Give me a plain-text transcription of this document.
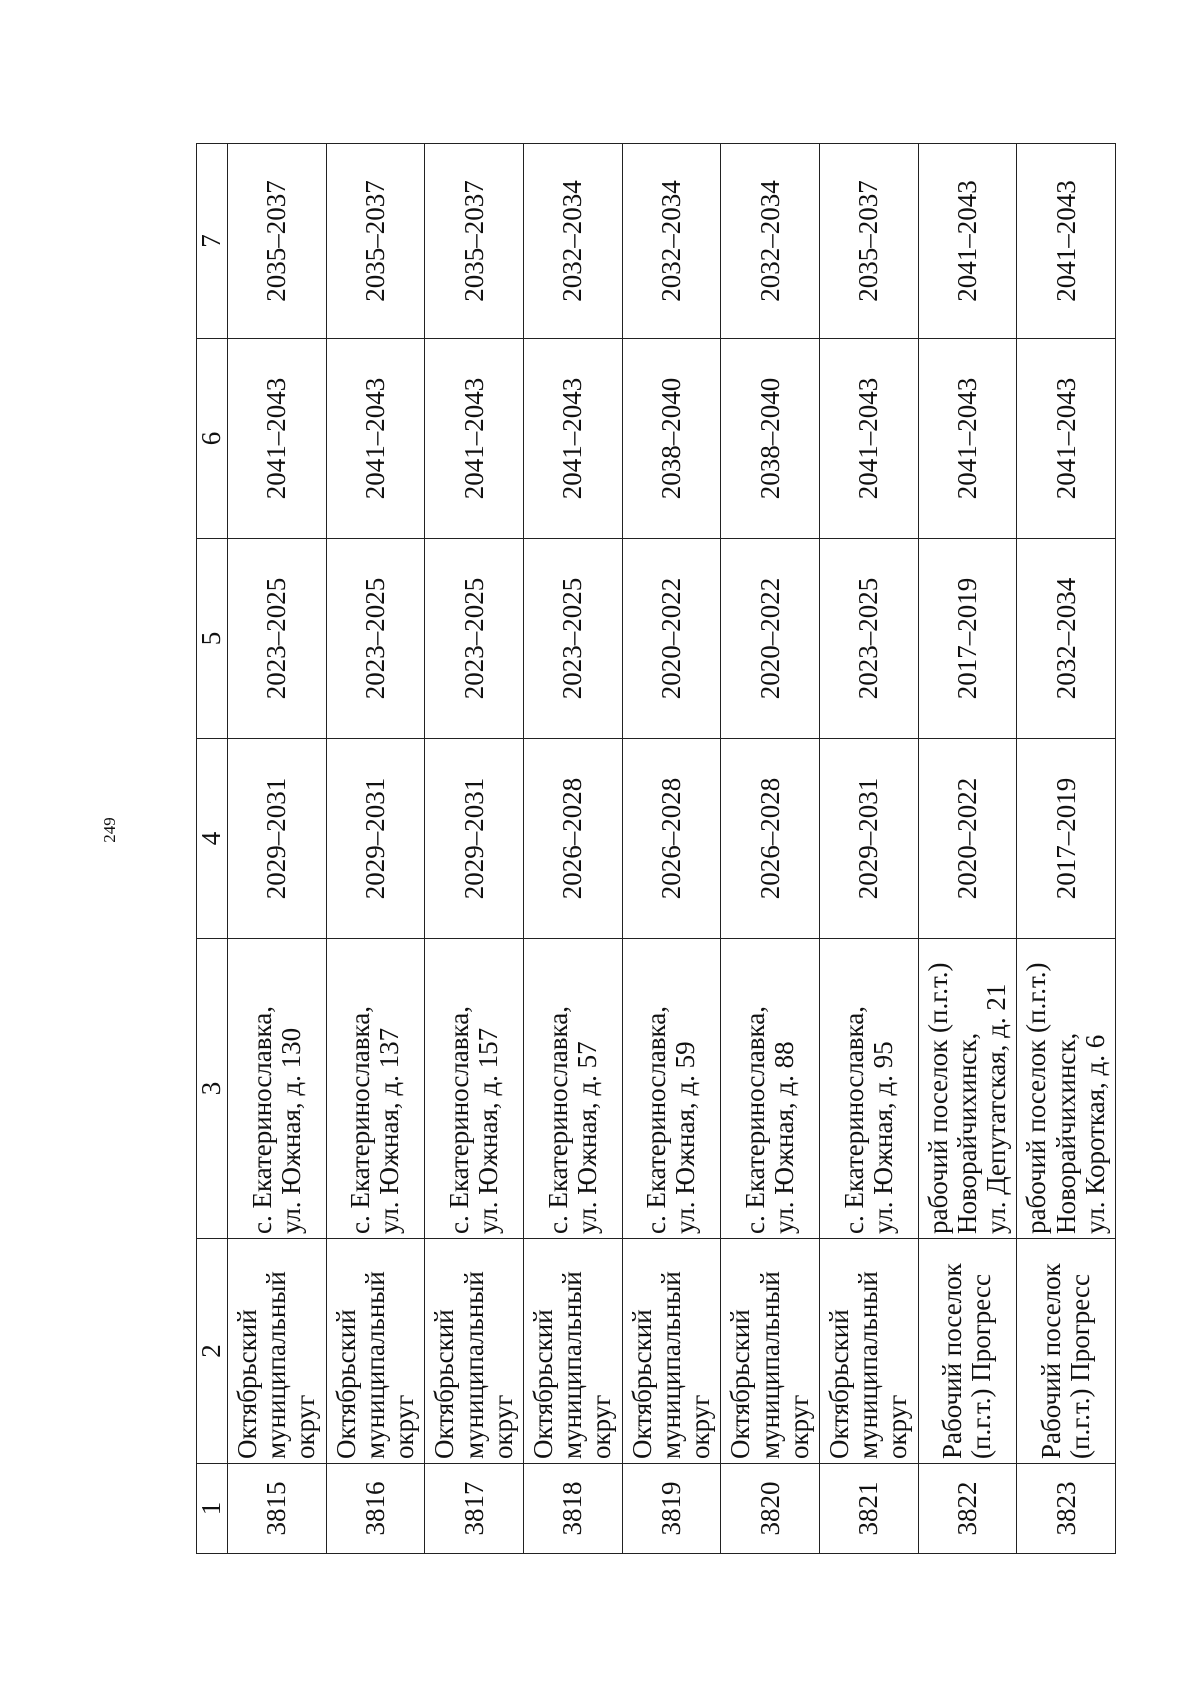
249
1	2	3	4	5	6	7
3815	Октябрьский муниципальный округ	с. Екатеринославка, ул. Южная, д. 130	2029–2031	2023–2025	2041–2043	2035–2037
3816	Октябрьский муниципальный округ	с. Екатеринославка, ул. Южная, д. 137	2029–2031	2023–2025	2041–2043	2035–2037
3817	Октябрьский муниципальный округ	с. Екатеринославка, ул. Южная, д. 157	2029–2031	2023–2025	2041–2043	2035–2037
3818	Октябрьский муниципальный округ	с. Екатеринославка, ул. Южная, д. 57	2026–2028	2023–2025	2041–2043	2032–2034
3819	Октябрьский муниципальный округ	с. Екатеринославка, ул. Южная, д. 59	2026–2028	2020–2022	2038–2040	2032–2034
3820	Октябрьский муниципальный округ	с. Екатеринославка, ул. Южная, д. 88	2026–2028	2020–2022	2038–2040	2032–2034
3821	Октябрьский муниципальный округ	с. Екатеринославка, ул. Южная, д. 95	2029–2031	2023–2025	2041–2043	2035–2037
3822	Рабочий поселок (п.г.т.) Прогресс	рабочий поселок (п.г.т.) Новорайчихинск, ул. Депутатская, д. 21	2020–2022	2017–2019	2041–2043	2041–2043
3823	Рабочий поселок (п.г.т.) Прогресс	рабочий поселок (п.г.т.) Новорайчихинск, ул. Короткая, д. 6	2017–2019	2032–2034	2041–2043	2041–2043
